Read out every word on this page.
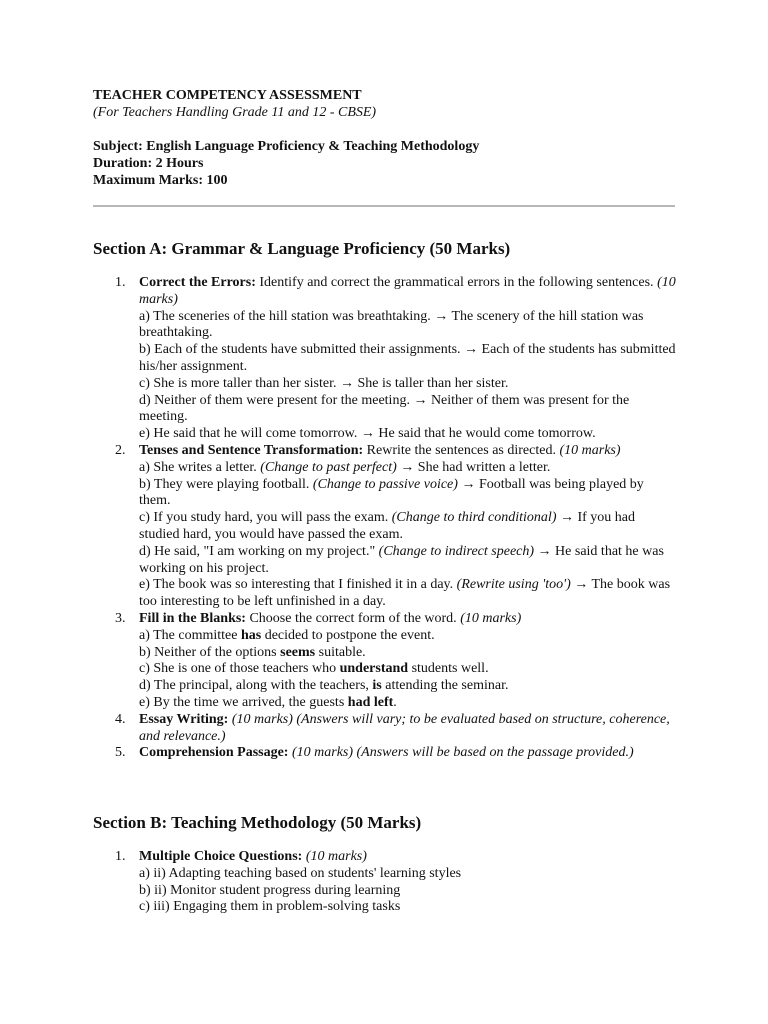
TEACHER COMPETENCY ASSESSMENT
(For Teachers Handling Grade 11 and 12 - CBSE)
Subject: English Language Proficiency & Teaching Methodology
Duration: 2 Hours
Maximum Marks: 100
Section A: Grammar & Language Proficiency (50 Marks)
1. Correct the Errors: Identify and correct the grammatical errors in the following sentences. (10 marks)
a) The sceneries of the hill station was breathtaking. → The scenery of the hill station was breathtaking.
b) Each of the students have submitted their assignments. → Each of the students has submitted his/her assignment.
c) She is more taller than her sister. → She is taller than her sister.
d) Neither of them were present for the meeting. → Neither of them was present for the meeting.
e) He said that he will come tomorrow. → He said that he would come tomorrow.
2. Tenses and Sentence Transformation: Rewrite the sentences as directed. (10 marks)
a) She writes a letter. (Change to past perfect) → She had written a letter.
b) They were playing football. (Change to passive voice) → Football was being played by them.
c) If you study hard, you will pass the exam. (Change to third conditional) → If you had studied hard, you would have passed the exam.
d) He said, "I am working on my project." (Change to indirect speech) → He said that he was working on his project.
e) The book was so interesting that I finished it in a day. (Rewrite using 'too') → The book was too interesting to be left unfinished in a day.
3. Fill in the Blanks: Choose the correct form of the word. (10 marks)
a) The committee has decided to postpone the event.
b) Neither of the options seems suitable.
c) She is one of those teachers who understand students well.
d) The principal, along with the teachers, is attending the seminar.
e) By the time we arrived, the guests had left.
4. Essay Writing: (10 marks) (Answers will vary; to be evaluated based on structure, coherence, and relevance.)
5. Comprehension Passage: (10 marks) (Answers will be based on the passage provided.)
Section B: Teaching Methodology (50 Marks)
1. Multiple Choice Questions: (10 marks)
a) ii) Adapting teaching based on students' learning styles
b) ii) Monitor student progress during learning
c) iii) Engaging them in problem-solving tasks
